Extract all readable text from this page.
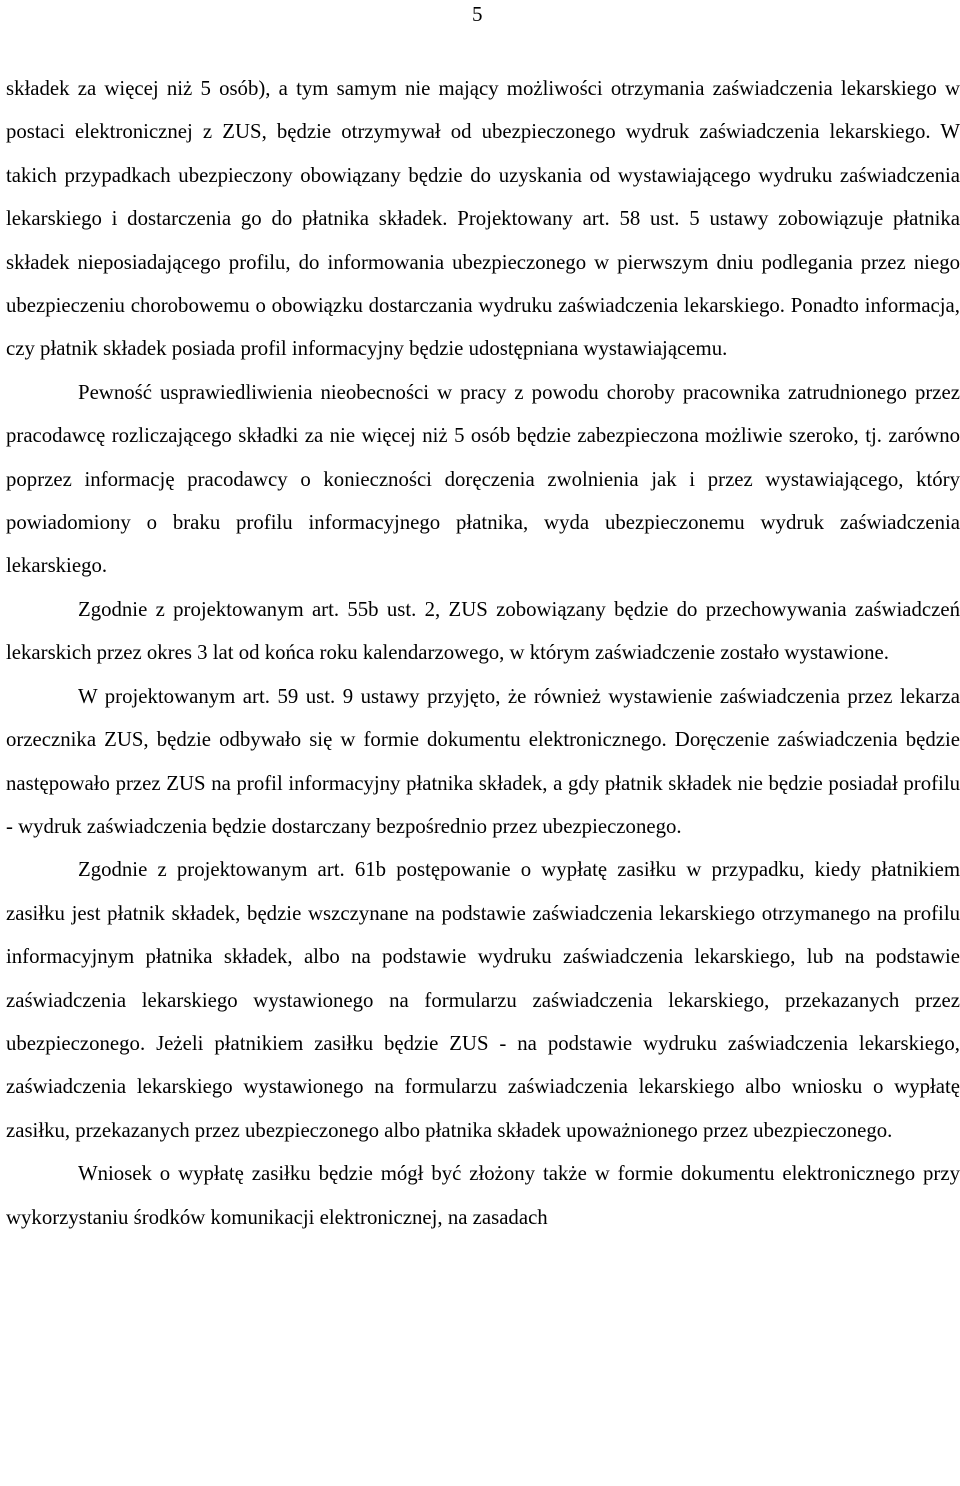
5

składek za więcej niż 5 osób), a tym samym nie mający możliwości otrzymania zaświadczenia lekarskiego w postaci elektronicznej z ZUS, będzie otrzymywał od ubezpieczonego wydruk zaświadczenia lekarskiego. W takich przypadkach ubezpieczony obowiązany będzie do uzyskania od wystawiającego wydruku zaświadczenia lekarskiego i dostarczenia go do płatnika składek. Projektowany art. 58 ust. 5 ustawy zobowiązuje płatnika składek nieposiadającego profilu, do informowania ubezpieczonego w pierwszym dniu podlegania przez niego ubezpieczeniu chorobowemu o obowiązku dostarczania wydruku zaświadczenia lekarskiego. Ponadto informacja, czy płatnik składek posiada profil informacyjny będzie udostępniana wystawiającemu.

Pewność usprawiedliwienia nieobecności w pracy z powodu choroby pracownika zatrudnionego przez pracodawcę rozliczającego składki za nie więcej niż 5 osób będzie zabezpieczona możliwie szeroko, tj. zarówno poprzez informację pracodawcy o konieczności doręczenia zwolnienia jak i przez wystawiającego, który powiadomiony o braku profilu informacyjnego płatnika, wyda ubezpieczonemu wydruk zaświadczenia lekarskiego.

Zgodnie z projektowanym art. 55b ust. 2, ZUS zobowiązany będzie do przechowywania zaświadczeń lekarskich przez okres 3 lat od końca roku kalendarzowego, w którym zaświadczenie zostało wystawione.

W projektowanym art. 59 ust. 9 ustawy przyjęto, że również wystawienie zaświadczenia przez lekarza orzecznika ZUS, będzie odbywało się w formie dokumentu elektronicznego. Doręczenie zaświadczenia będzie następowało przez ZUS na profil informacyjny płatnika składek, a gdy płatnik składek nie będzie posiadał profilu - wydruk zaświadczenia będzie dostarczany bezpośrednio przez ubezpieczonego.

Zgodnie z projektowanym art. 61b postępowanie o wypłatę zasiłku w przypadku, kiedy płatnikiem zasiłku jest płatnik składek, będzie wszczynane na podstawie zaświadczenia lekarskiego otrzymanego na profilu informacyjnym płatnika składek, albo na podstawie wydruku zaświadczenia lekarskiego, lub na podstawie zaświadczenia lekarskiego wystawionego na formularzu zaświadczenia lekarskiego, przekazanych przez ubezpieczonego. Jeżeli płatnikiem zasiłku będzie ZUS - na podstawie wydruku zaświadczenia lekarskiego, zaświadczenia lekarskiego wystawionego na formularzu zaświadczenia lekarskiego albo wniosku o wypłatę zasiłku, przekazanych przez ubezpieczonego albo płatnika składek upoważnionego przez ubezpieczonego.

Wniosek o wypłatę zasiłku będzie mógł być złożony także w formie dokumentu elektronicznego przy wykorzystaniu środków komunikacji elektronicznej, na zasadach
